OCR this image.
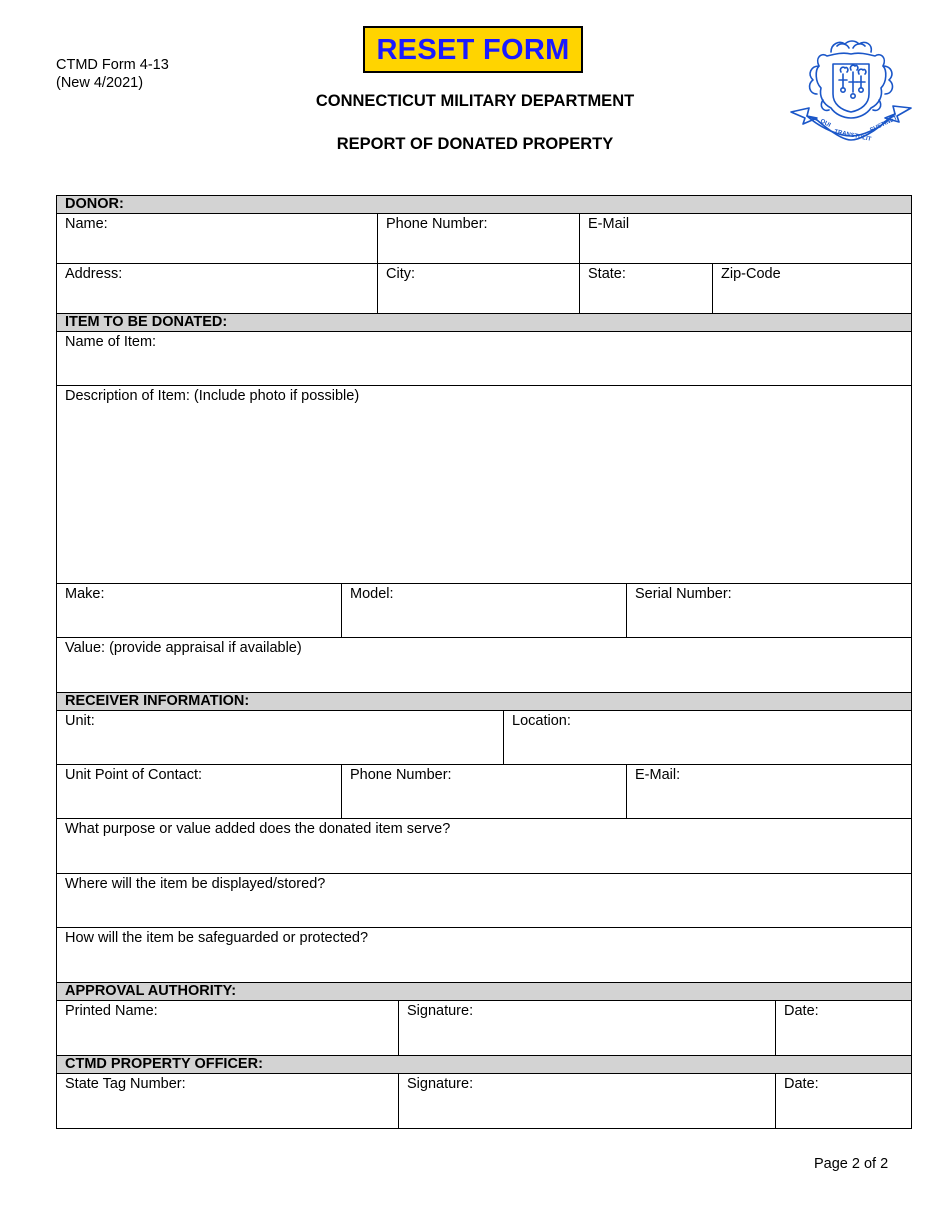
CTMD Form 4-13
(New 4/2021)
RESET FORM
CONNECTICUT MILITARY DEPARTMENT
REPORT OF DONATED PROPERTY
QUI
TRANSTULIT
SUSTINET
DONOR:
Name:	Phone Number:	E-Mail
Address:	City:	State:	Zip-Code
ITEM TO BE DONATED:
Name of Item:
Description of Item: (Include photo if possible)
Make:	Model:	Serial Number:
Value: (provide appraisal if available)
RECEIVER INFORMATION:
Unit:	Location:
Unit Point of Contact:	Phone Number:	E-Mail:
What purpose or value added does the donated item serve?
Where will the item be displayed/stored?
How will the item be safeguarded or protected?
APPROVAL AUTHORITY:
Printed Name:	Signature:	Date:
CTMD PROPERTY OFFICER:
State Tag Number:	Signature:	Date:
Page 2 of 2
